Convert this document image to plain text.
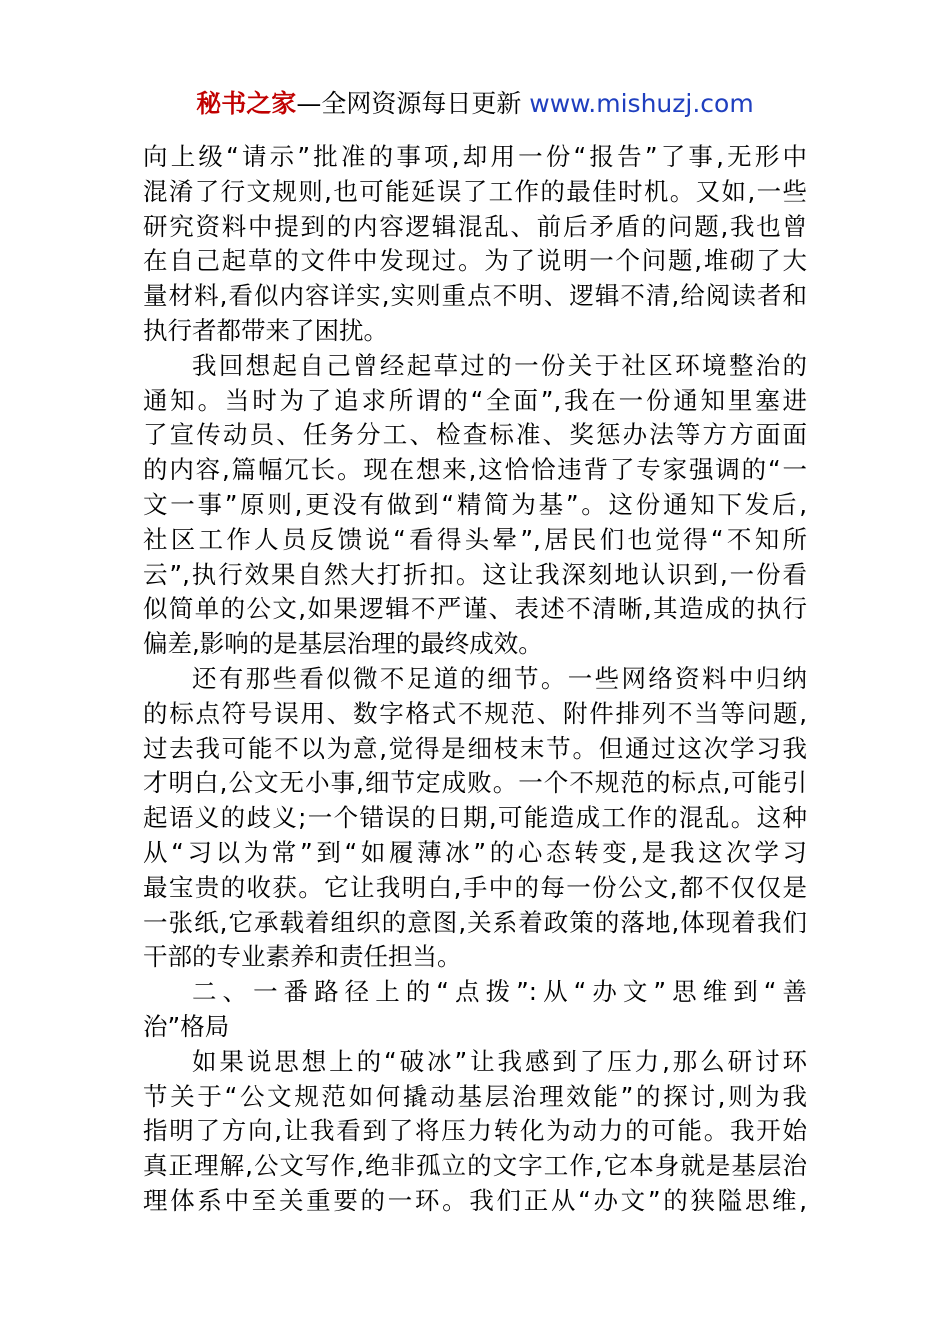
秘书之家—全网资源每日更新 www.mishuzj.com
向上级“请示”批准的事项,却用一份“报告”了事,无形中
混淆了行文规则,也可能延误了工作的最佳时机。又如,一些
研究资料中提到的内容逻辑混乱、前后矛盾的问题,我也曾
在自己起草的文件中发现过。为了说明一个问题,堆砌了大
量材料,看似内容详实,实则重点不明、逻辑不清,给阅读者和
执行者都带来了困扰。
我回想起自己曾经起草过的一份关于社区环境整治的
通知。当时为了追求所谓的“全面”,我在一份通知里塞进
了宣传动员、任务分工、检查标准、奖惩办法等方方面面
的内容,篇幅冗长。现在想来,这恰恰违背了专家强调的“一
文一事”原则,更没有做到“精简为基”。这份通知下发后,
社区工作人员反馈说“看得头晕”,居民们也觉得“不知所
云”,执行效果自然大打折扣。这让我深刻地认识到,一份看
似简单的公文,如果逻辑不严谨、表述不清晰,其造成的执行
偏差,影响的是基层治理的最终成效。
还有那些看似微不足道的细节。一些网络资料中归纳
的标点符号误用、数字格式不规范、附件排列不当等问题,
过去我可能不以为意,觉得是细枝末节。但通过这次学习我
才明白,公文无小事,细节定成败。一个不规范的标点,可能引
起语义的歧义;一个错误的日期,可能造成工作的混乱。这种
从“习以为常”到“如履薄冰”的心态转变,是我这次学习
最宝贵的收获。它让我明白,手中的每一份公文,都不仅仅是
一张纸,它承载着组织的意图,关系着政策的落地,体现着我们
干部的专业素养和责任担当。
二、一番路径上的“点拨”:从“办文”思维到“善
治”格局
如果说思想上的“破冰”让我感到了压力,那么研讨环
节关于“公文规范如何撬动基层治理效能”的探讨,则为我
指明了方向,让我看到了将压力转化为动力的可能。我开始
真正理解,公文写作,绝非孤立的文字工作,它本身就是基层治
理体系中至关重要的一环。我们正从“办文”的狭隘思维,
